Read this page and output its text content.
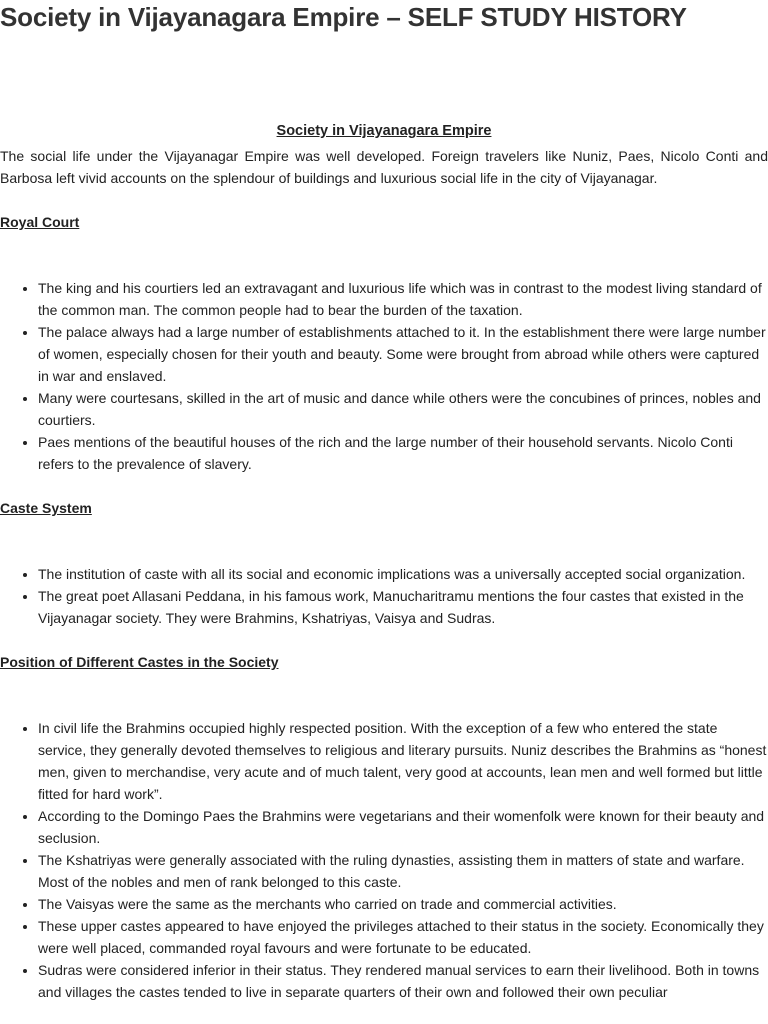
Society in Vijayanagara Empire – SELF STUDY HISTORY
Society in Vijayanagara Empire

The social life under the Vijayanagar Empire was well developed. Foreign travelers like Nuniz, Paes, Nicolo Conti and Barbosa left vivid accounts on the splendour of buildings and luxurious social life in the city of Vijayanagar.

Royal Court
• The king and his courtiers led an extravagant and luxurious life which was in contrast to the modest living standard of the common man. The common people had to bear the burden of the taxation.
• The palace always had a large number of establishments attached to it. In the establishment there were large number of women, especially chosen for their youth and beauty. Some were brought from abroad while others were captured in war and enslaved.
• Many were courtesans, skilled in the art of music and dance while others were the concubines of princes, nobles and courtiers.
• Paes mentions of the beautiful houses of the rich and the large number of their household servants. Nicolo Conti refers to the prevalence of slavery.
Caste System
• The institution of caste with all its social and economic implications was a universally accepted social organization.
• The great poet Allasani Peddana, in his famous work, Manucharitramu mentions the four castes that existed in the Vijayanagar society. They were Brahmins, Kshatriyas, Vaisya and Sudras.
Position of Different Castes in the Society
• In civil life the Brahmins occupied highly respected position. With the exception of a few who entered the state service, they generally devoted themselves to religious and literary pursuits. Nuniz describes the Brahmins as “honest men, given to merchandise, very acute and of much talent, very good at accounts, lean men and well formed but little fitted for hard work”.
• According to the Domingo Paes the Brahmins were vegetarians and their womenfolk were known for their beauty and seclusion.
• The Kshatriyas were generally associated with the ruling dynasties, assisting them in matters of state and warfare. Most of the nobles and men of rank belonged to this caste.
• The Vaisyas were the same as the merchants who carried on trade and commercial activities.
• These upper castes appeared to have enjoyed the privileges attached to their status in the society. Economically they were well placed, commanded royal favours and were fortunate to be educated.
• Sudras were considered inferior in their status. They rendered manual services to earn their livelihood. Both in towns and villages the castes tended to live in separate quarters of their own and followed their own peculiar
